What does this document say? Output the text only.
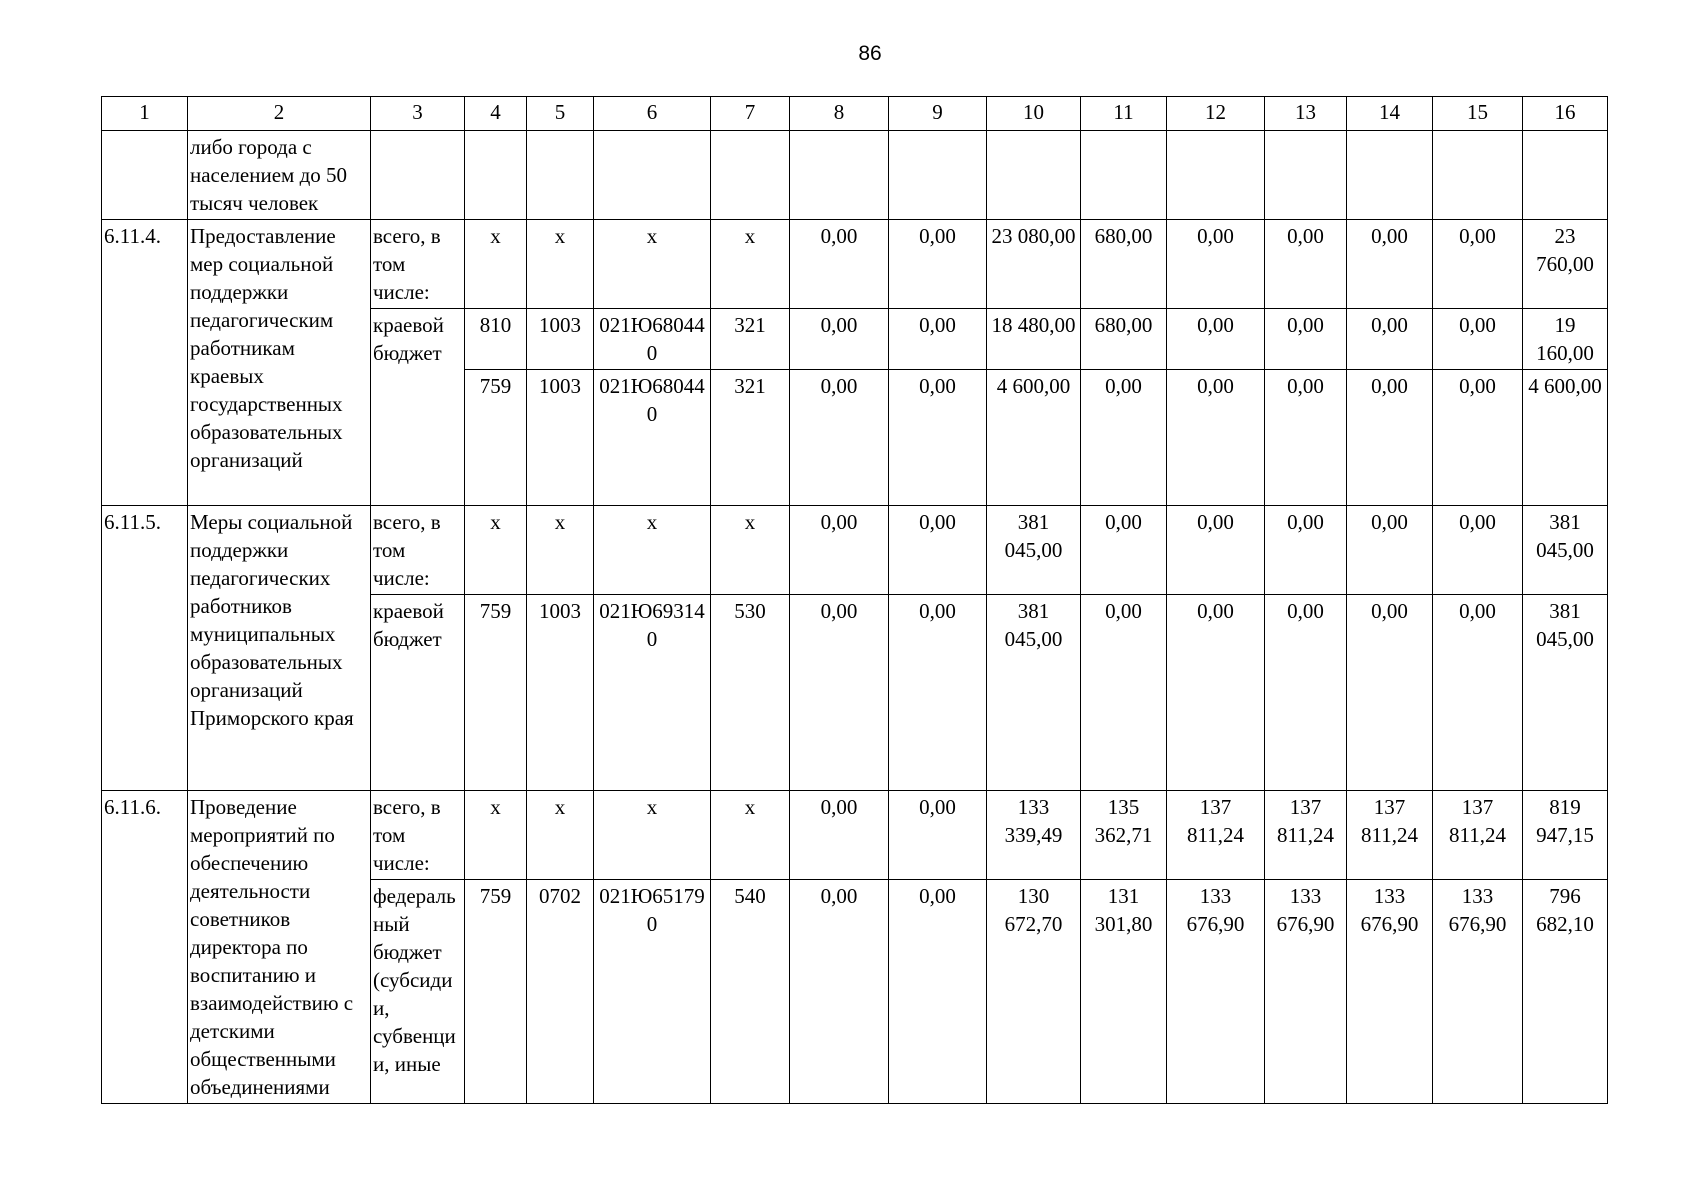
86
1	2	3	4	5	6	7	8	9	10	11	12	13	14	15	16
	либо города с населением до 50 тысяч человек														
6.11.4.	Предоставление мер социальной поддержки педагогическим работникам краевых государственных образовательных организаций	всего, в том числе:	х	х	х	х	0,00	0,00	23 080,00	680,00	0,00	0,00	0,00	0,00	23 760,00
		краевой бюджет	810	1003	021Ю680440	321	0,00	0,00	18 480,00	680,00	0,00	0,00	0,00	0,00	19 160,00
			759	1003	021Ю680440	321	0,00	0,00	4 600,00	0,00	0,00	0,00	0,00	0,00	4 600,00
6.11.5.	Меры социальной поддержки педагогических работников муниципальных образовательных организаций Приморского края	всего, в том числе:	х	х	х	х	0,00	0,00	381 045,00	0,00	0,00	0,00	0,00	0,00	381 045,00
		краевой бюджет	759	1003	021Ю693140	530	0,00	0,00	381 045,00	0,00	0,00	0,00	0,00	0,00	381 045,00
6.11.6.	Проведение мероприятий по обеспечению деятельности советников директора по воспитанию и взаимодействию с детскими общественными объединениями	всего, в том числе:	х	х	х	х	0,00	0,00	133 339,49	135 362,71	137 811,24	137 811,24	137 811,24	137 811,24	819 947,15
		федеральный бюджет (субсидии, субвенции, иные	759	0702	021Ю651790	540	0,00	0,00	130 672,70	131 301,80	133 676,90	133 676,90	133 676,90	133 676,90	796 682,10
